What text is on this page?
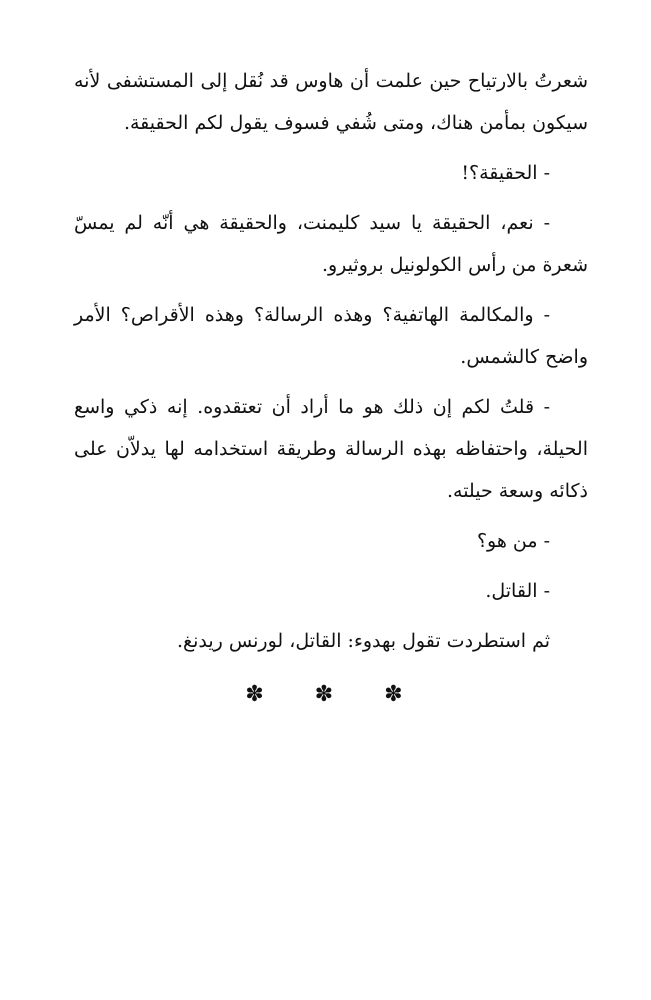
شعرتُ بالارتياح حين علمت أن هاوس قد نُقل إلى المستشفى لأنه سيكون بمأمن هناك، ومتى شُفي فسوف يقول لكم الحقيقة.

- الحقيقة؟!

- نعم، الحقيقة يا سيد كليمنت، والحقيقة هي أنّه لم يمسّ شعرة من رأس الكولونيل بروثيرو.

- والمكالمة الهاتفية؟ وهذه الرسالة؟ وهذه الأقراص؟ الأمر واضح كالشمس.

- قلتُ لكم إن ذلك هو ما أراد أن تعتقدوه. إنه ذكي واسع الحيلة، واحتفاظه بهذه الرسالة وطريقة استخدامه لها يدلاّن على ذكائه وسعة حيلته.

- من هو؟

- القاتل.

ثم استطردت تقول بهدوء: القاتل، لورنس ريدنغ.

✽ ✽ ✽
